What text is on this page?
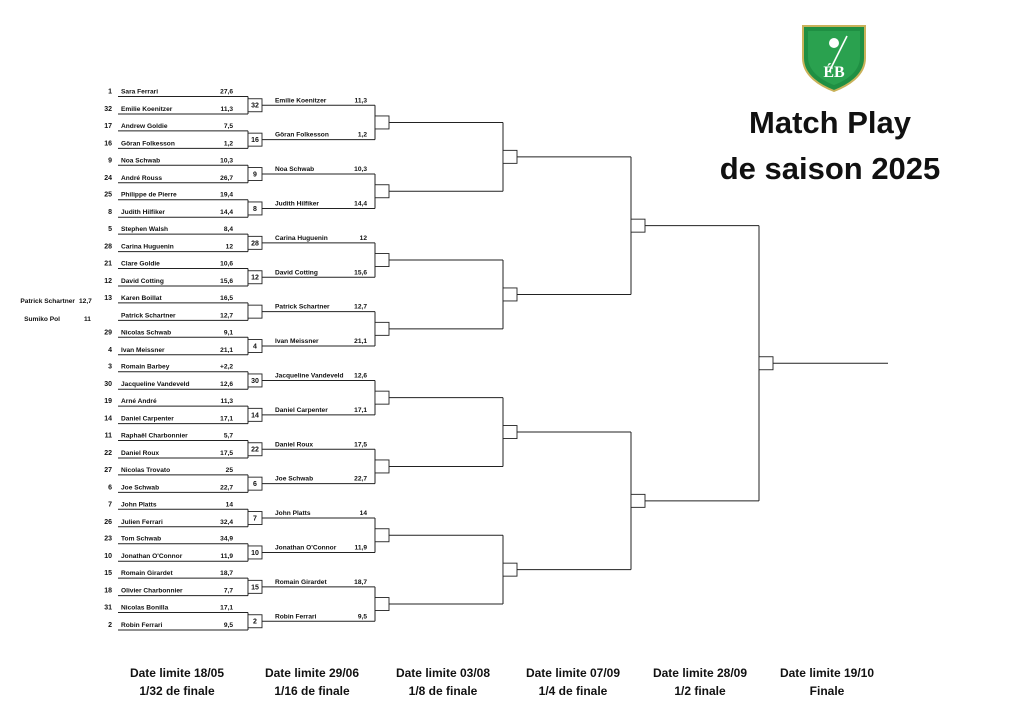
1 Sara Ferrari	27,6
32 Emilie Koenitzer	11,3
17 Andrew Goldie	7,5
16 Göran Folkesson	1,2
9 Noa Schwab	10,3
24 André Rouss	26,7
25 Philippe de Pierre	19,4
8 Judith Hilfiker	14,4
5 Stephen Walsh	8,4
28 Carina Huguenin	12
21 Clare Goldie	10,6
12 David Cotting	15,6
13 Karen Boillat	16,5
Patrick Schartner	12,7
29 Nicolas Schwab	9,1
4 Ivan Meissner	21,1
3 Romain Barbey	+2,2
30 Jacqueline Vandeveld	12,6
19 Arné André	11,3
14 Daniel Carpenter	17,1
11 Raphaël Charbonnier	5,7
22 Daniel Roux	17,5
27 Nicolas Trovato	25
6 Joe Schwab	22,7
7 John Platts	14
26 Julien Ferrari	32,4
23 Tom Schwab	34,9
10 Jonathan O'Connor	11,9
15 Romain Girardet	18,7
18 Olivier Charbonnier	7,7
31 Nicolas Bonilla	17,1
2 Robin Ferrari	9,5
32
16
9
8
28
12
4
30
14
22
6
7
10
15
2
Emilie Koenitzer	11,3
Göran Folkesson	1,2
Noa Schwab	10,3
Judith Hilfiker	14,4
Carina Huguenin	12
David Cotting	15,6
Patrick Schartner	12,7
Ivan Meissner	21,1
Jacqueline Vandeveld 12,6
Daniel Carpenter	17,1
Daniel Roux	17,5
Joe Schwab	22,7
John Platts	14
Jonathan O'Connor	11,9
Romain Girardet	18,7
Robin Ferrari	9,5
Patrick Schartner 12,7
Sumiko Pol	11
ÉB
Match Play
de saison 2025
Date limite 18/05
1/32 de finale
Date limite 29/06
1/16 de finale
Date limite 03/08
1/8 de finale
Date limite 07/09
1/4 de finale
Date limite 28/09
1/2 finale
Date limite 19/10
Finale
